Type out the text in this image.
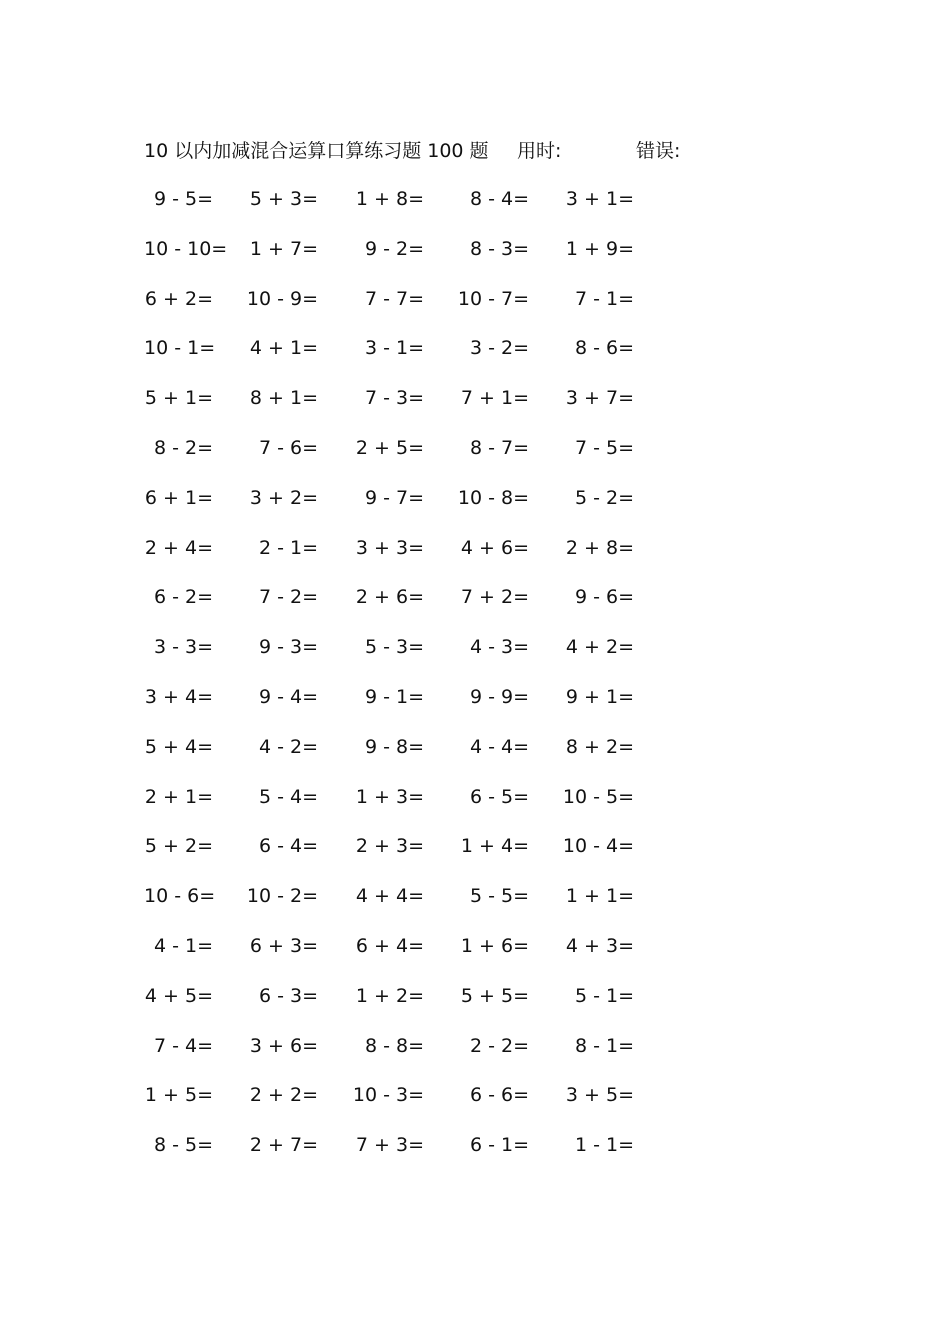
10 以内加减混合运算口算练习题 100 题 用时:	错误:
9 - 5= 5 + 3= 1 + 8= 8 - 4= 3 + 1=
10 - 10= 1 + 7= 9 - 2= 8 - 3= 1 + 9=
6 + 2= 10 - 9= 7 - 7= 10 - 7= 7 - 1=
10 - 1= 4 + 1= 3 - 1= 3 - 2= 8 - 6=
5 + 1= 8 + 1= 7 - 3= 7 + 1= 3 + 7=
8 - 2= 7 - 6= 2 + 5= 8 - 7= 7 - 5=
6 + 1= 3 + 2= 9 - 7= 10 - 8= 5 - 2=
2 + 4= 2 - 1= 3 + 3= 4 + 6= 2 + 8=
6 - 2= 7 - 2= 2 + 6= 7 + 2= 9 - 6=
3 - 3= 9 - 3= 5 - 3= 4 - 3= 4 + 2=
3 + 4= 9 - 4= 9 - 1= 9 - 9= 9 + 1=
5 + 4= 4 - 2= 9 - 8= 4 - 4= 8 + 2=
2 + 1= 5 - 4= 1 + 3= 6 - 5= 10 - 5=
5 + 2= 6 - 4= 2 + 3= 1 + 4= 10 - 4=
10 - 6= 10 - 2= 4 + 4= 5 - 5= 1 + 1=
4 - 1= 6 + 3= 6 + 4= 1 + 6= 4 + 3=
4 + 5= 6 - 3= 1 + 2= 5 + 5= 5 - 1=
7 - 4= 3 + 6= 8 - 8= 2 - 2= 8 - 1=
1 + 5= 2 + 2= 10 - 3= 6 - 6= 3 + 5=
8 - 5= 2 + 7= 7 + 3= 6 - 1= 1 - 1=
